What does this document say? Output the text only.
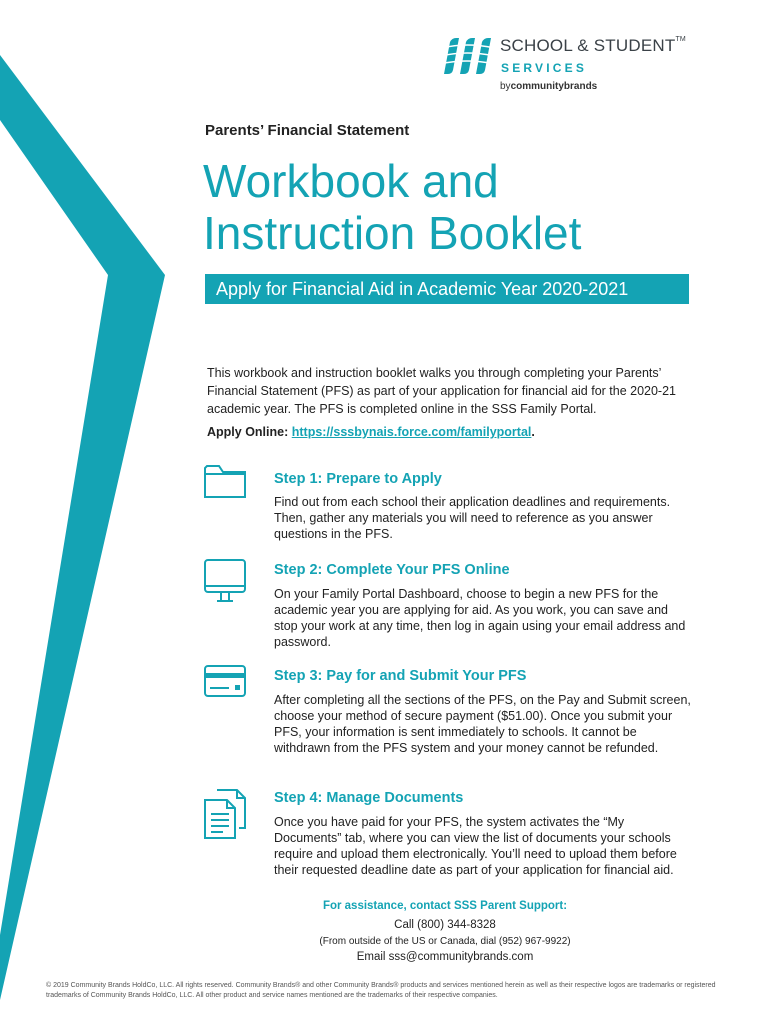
SCHOOL & STUDENT™
SERVICES
bycommunitybrands
Parents’ Financial Statement
Workbook and
Instruction Booklet
Apply for Financial Aid in Academic Year 2020-2021
This workbook and instruction booklet walks you through completing your Parents’ Financial Statement (PFS) as part of your application for financial aid for the 2020-21 academic year. The PFS is completed online in the SSS Family Portal.
Apply Online: https://sssbynais.force.com/familyportal.
Step 1: Prepare to Apply
Find out from each school their application deadlines and requirements. Then, gather any materials you will need to reference as you answer questions in the PFS.
Step 2: Complete Your PFS Online
On your Family Portal Dashboard, choose to begin a new PFS for the academic year you are applying for aid. As you work, you can save and stop your work at any time, then log in again using your email address and password.
Step 3: Pay for and Submit Your PFS
After completing all the sections of the PFS, on the Pay and Submit screen, choose your method of secure payment ($51.00). Once you submit your PFS, your information is sent immediately to schools. It cannot be withdrawn from the PFS system and your money cannot be refunded.
Step 4: Manage Documents
Once you have paid for your PFS, the system activates the “My Documents” tab, where you can view the list of documents your schools require and upload them electronically. You’ll need to upload them before their requested deadline date as part of your application for financial aid.
For assistance, contact SSS Parent Support:
Call (800) 344-8328
(From outside of the US or Canada, dial (952) 967-9922)
Email sss@communitybrands.com
© 2019 Community Brands HoldCo, LLC. All rights reserved. Community Brands® and other Community Brands® products and services mentioned herein as well as their respective logos are trademarks or registered trademarks of Community Brands HoldCo, LLC. All other product and service names mentioned are the trademarks of their respective companies.
